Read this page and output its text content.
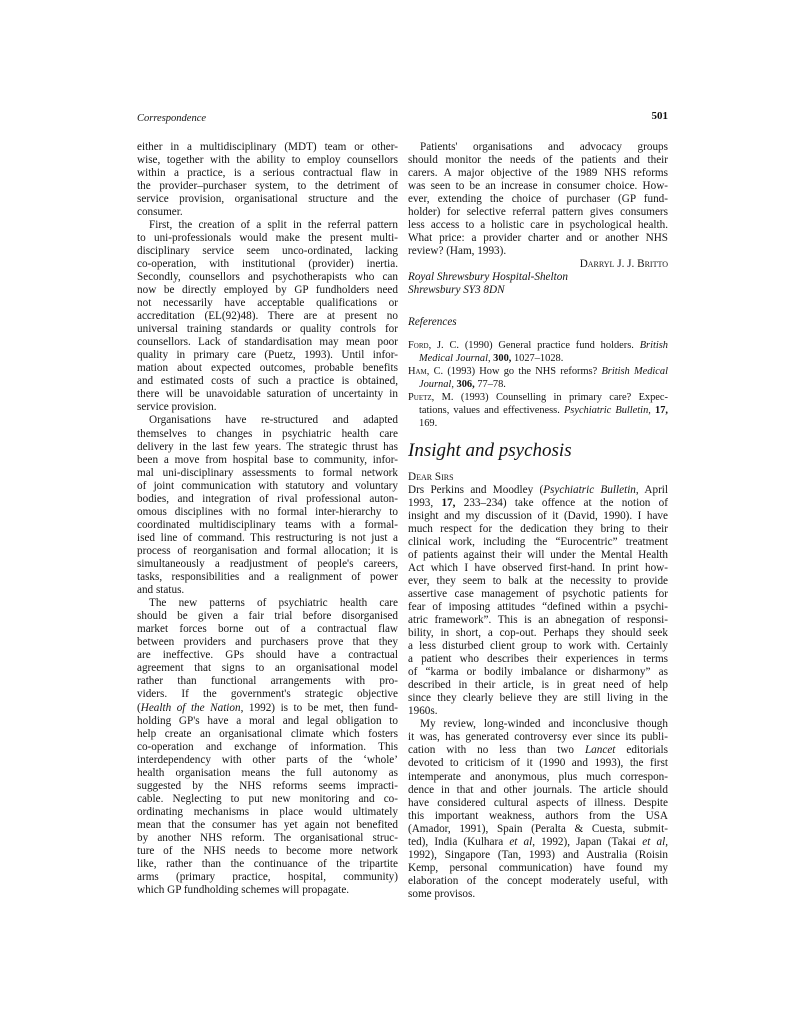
Correspondence	501
either in a multidisciplinary (MDT) team or other-
wise, together with the ability to employ counsellors
within a practice, is a serious contractual flaw in
the provider–purchaser system, to the detriment of
service provision, organisational structure and the
consumer.
First, the creation of a split in the referral pattern
to uni-professionals would make the present multi-
disciplinary service seem unco-ordinated, lacking
co-operation, with institutional (provider) inertia.
Secondly, counsellors and psychotherapists who can
now be directly employed by GP fundholders need
not necessarily have acceptable qualifications or
accreditation (EL(92)48). There are at present no
universal training standards or quality controls for
counsellors. Lack of standardisation may mean poor
quality in primary care (Puetz, 1993). Until infor-
mation about expected outcomes, probable benefits
and estimated costs of such a practice is obtained,
there will be unavoidable saturation of uncertainty in
service provision.
Organisations have re-structured and adapted
themselves to changes in psychiatric health care
delivery in the last few years. The strategic thrust has
been a move from hospital base to community, infor-
mal uni-disciplinary assessments to formal network
of joint communication with statutory and voluntary
bodies, and integration of rival professional auton-
omous disciplines with no formal inter-hierarchy to
coordinated multidisciplinary teams with a formal-
ised line of command. This restructuring is not just a
process of reorganisation and formal allocation; it is
simultaneously a readjustment of people's careers,
tasks, responsibilities and a realignment of power
and status.
The new patterns of psychiatric health care
should be given a fair trial before disorganised
market forces borne out of a contractual flaw
between providers and purchasers prove that they
are ineffective. GPs should have a contractual
agreement that signs to an organisational model
rather than functional arrangements with pro-
viders. If the government's strategic objective
(Health of the Nation, 1992) is to be met, then fund-
holding GP's have a moral and legal obligation to
help create an organisational climate which fosters
co-operation and exchange of information. This
interdependency with other parts of the ‘whole’
health organisation means the full autonomy as
suggested by the NHS reforms seems impracti-
cable. Neglecting to put new monitoring and co-
ordinating mechanisms in place would ultimately
mean that the consumer has yet again not benefited
by another NHS reform. The organisational struc-
ture of the NHS needs to become more network
like, rather than the continuance of the tripartite
arms (primary practice, hospital, community)
which GP fundholding schemes will propagate.
Patients' organisations and advocacy groups
should monitor the needs of the patients and their
carers. A major objective of the 1989 NHS reforms
was seen to be an increase in consumer choice. How-
ever, extending the choice of purchaser (GP fund-
holder) for selective referral pattern gives consumers
less access to a holistic care in psychological health.
What price: a provider charter and or another NHS
review? (Ham, 1993).
Darryl J. J. Britto
Royal Shrewsbury Hospital-Shelton
Shrewsbury SY3 8DN
References
Ford, J. C. (1990) General practice fund holders. British
Medical Journal, 300, 1027–1028.
Ham, C. (1993) How go the NHS reforms? British Medical
Journal, 306, 77–78.
Puetz, M. (1993) Counselling in primary care? Expec-
tations, values and effectiveness. Psychiatric Bulletin, 17,
169.
Insight and psychosis
Dear Sirs
Drs Perkins and Moodley (Psychiatric Bulletin, April
1993, 17, 233–234) take offence at the notion of
insight and my discussion of it (David, 1990). I have
much respect for the dedication they bring to their
clinical work, including the “Eurocentric” treatment
of patients against their will under the Mental Health
Act which I have observed first-hand. In print how-
ever, they seem to balk at the necessity to provide
assertive case management of psychotic patients for
fear of imposing attitudes “defined within a psychi-
atric framework”. This is an abnegation of responsi-
bility, in short, a cop-out. Perhaps they should seek
a less disturbed client group to work with. Certainly
a patient who describes their experiences in terms
of “karma or bodily imbalance or disharmony” as
described in their article, is in great need of help
since they clearly believe they are still living in the
1960s.
My review, long-winded and inconclusive though
it was, has generated controversy ever since its publi-
cation with no less than two Lancet editorials
devoted to criticism of it (1990 and 1993), the first
intemperate and anonymous, plus much correspon-
dence in that and other journals. The article should
have considered cultural aspects of illness. Despite
this important weakness, authors from the USA
(Amador, 1991), Spain (Peralta & Cuesta, submit-
ted), India (Kulhara et al, 1992), Japan (Takai et al,
1992), Singapore (Tan, 1993) and Australia (Roisin
Kemp, personal communication) have found my
elaboration of the concept moderately useful, with
some provisos.
